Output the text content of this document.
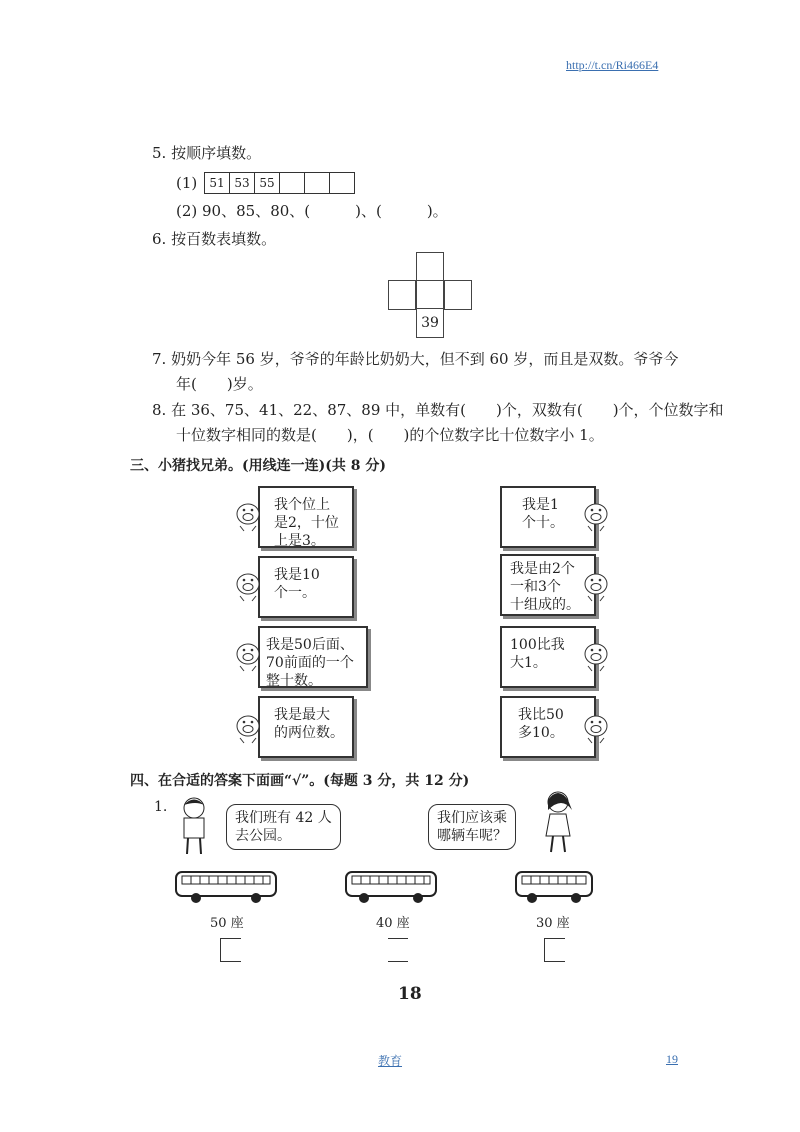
http://t.cn/Ri466E4
5. 按顺序填数。
(1)	51 53 55
(2) 90、85、80、(　　　)、(　　　)。
6. 按百数表填数。
39
7. 奶奶今年 56 岁，爷爷的年龄比奶奶大，但不到 60 岁，而且是双数。爷爷今
年(　　)岁。
8. 在 36、75、41、22、87、89 中，单数有(　　)个，双数有(　　)个，个位数字和
十位数字相同的数是(　　)，(　　)的个位数字比十位数字小 1。
三、小猪找兄弟。(用线连一连)(共 8 分)
我个位上
是2，十位
上是3。
我是10
个一。
我是50后面、
70前面的一个
整十数。
我是最大
的两位数。
我是1
个十。
我是由2个
一和3个
十组成的。
100比我
大1。
我比50
多10。
四、在合适的答案下面画“√”。(每题 3 分，共 12 分)
1.
我们班有 42 人
去公园。
我们应该乘
哪辆车呢？
50 座	40 座	30 座
18
教育	19
